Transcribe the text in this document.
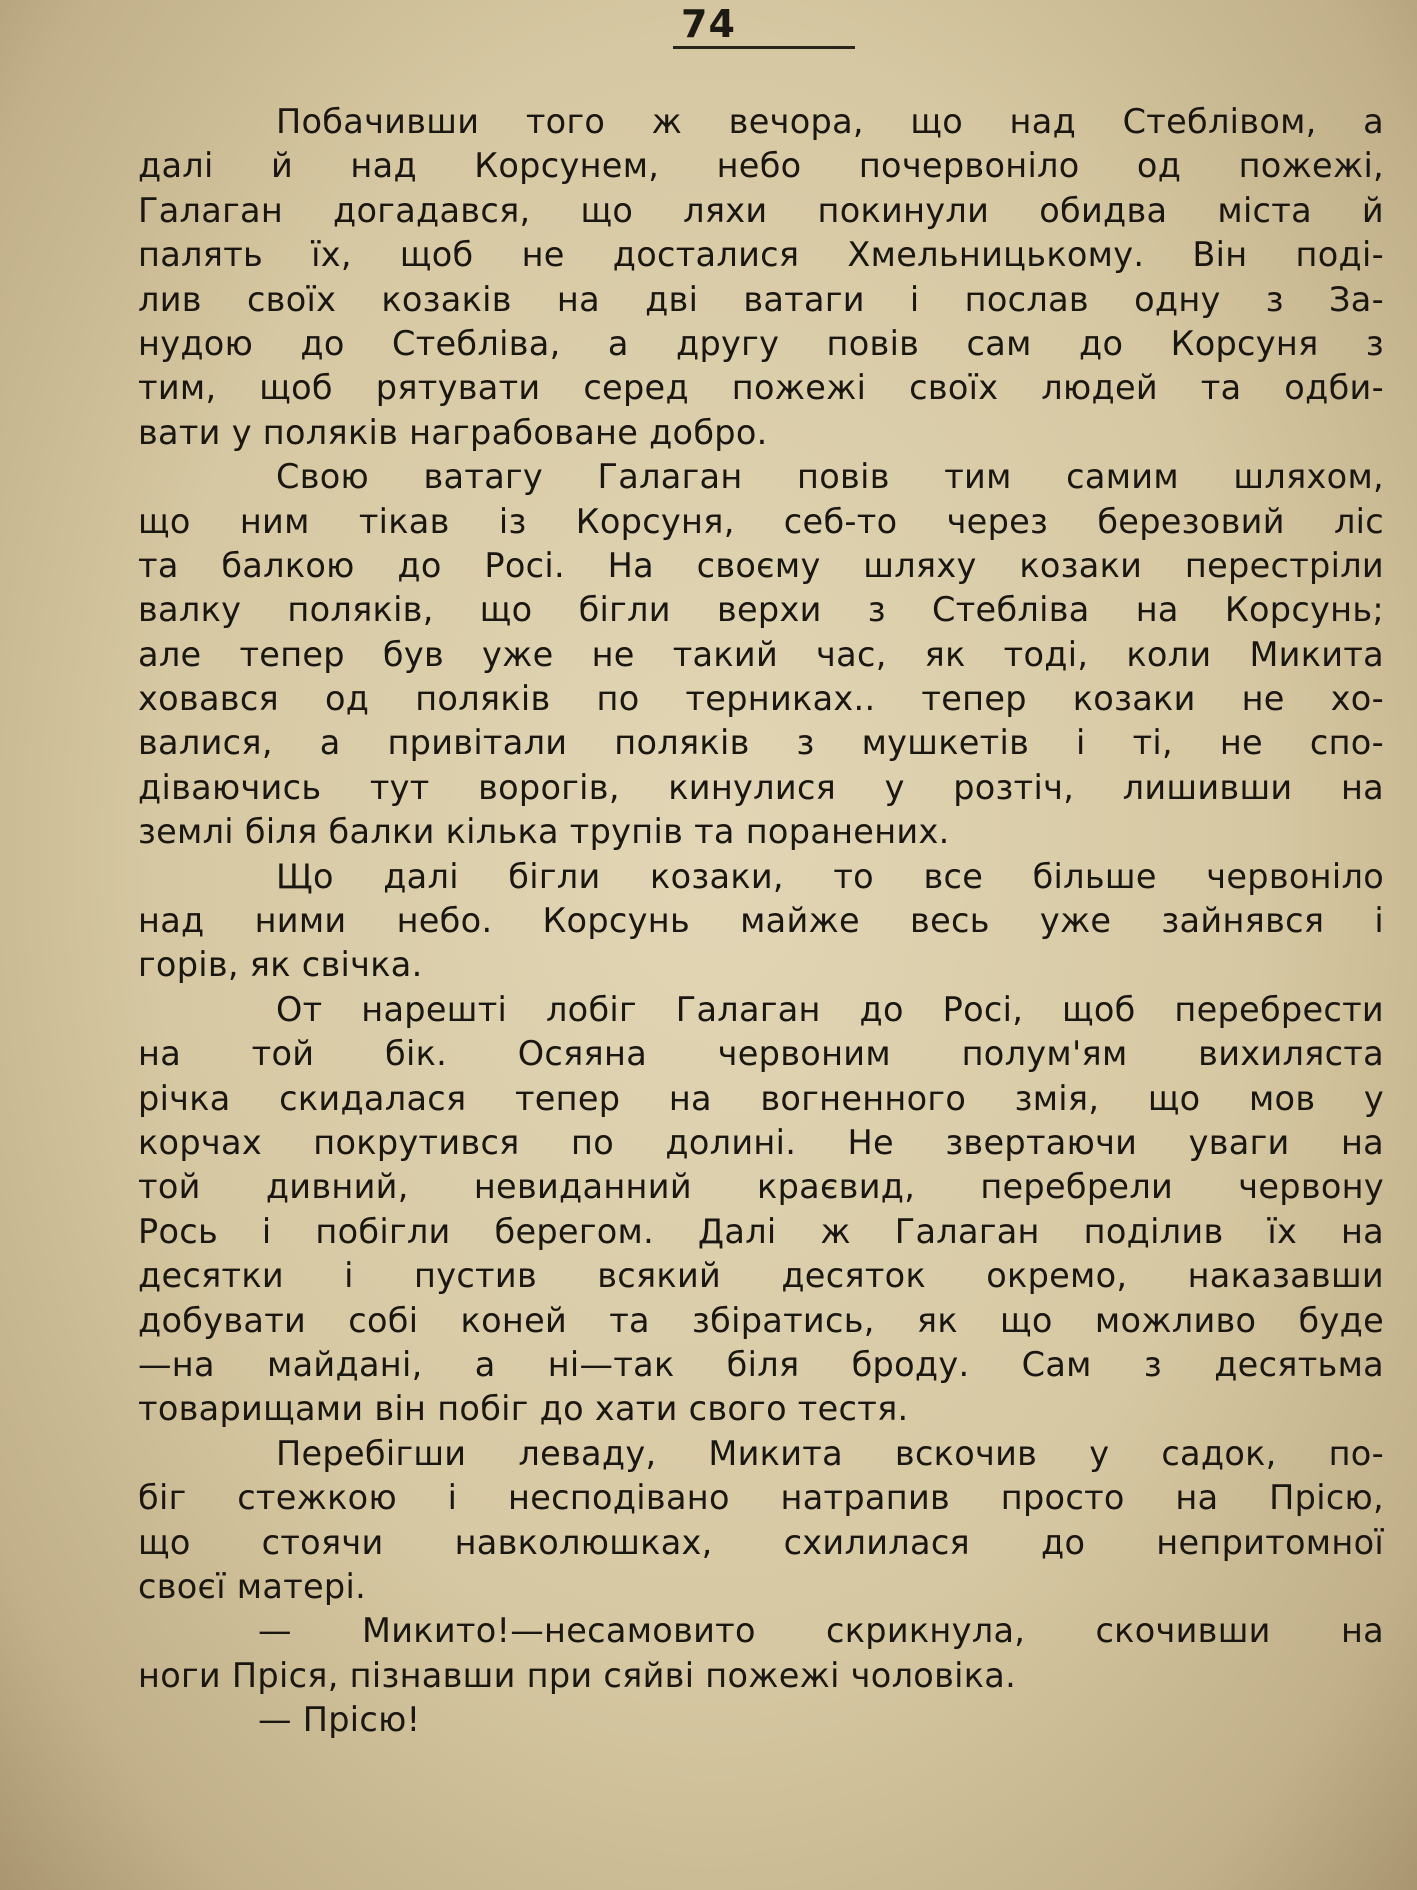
74
Побачивши того ж вечора, що над Стеблівом, а
далі й над Корсунем, небо почервоніло од пожежі,
Галаган догадався, що ляхи покинули обидва міста й
палять їх, щоб не досталися Хмельницькому. Він поді-
лив своїх козаків на дві ватаги і послав одну з За-
нудою до Стебліва, а другу повів сам до Корсуня з
тим, щоб рятувати серед пожежі своїх людей та одби-
вати у поляків награбоване добро.
Свою ватагу Галаган повів тим самим шляхом,
що ним тікав із Корсуня, себ-то через березовий ліс
та балкою до Росі. На своєму шляху козаки перестріли
валку поляків, що бігли верхи з Стебліва на Корсунь;
але тепер був уже не такий час, як тоді, коли Микита
ховався од поляків по терниках.. тепер козаки не хо-
валися, а привітали поляків з мушкетів і ті, не спо-
діваючись тут ворогів, кинулися у розтіч, лишивши на
землі біля балки кілька трупів та поранених.
Що далі бігли козаки, то все більше червоніло
над ними небо. Корсунь майже весь уже зайнявся і
горів, як свічка.
От нарешті лобіг Галаган до Росі, щоб перебрести
на той бік. Осяяна червоним полум'ям вихиляста
річка скидалася тепер на вогненного змія, що мов у
корчах покрутився по долині. Не звертаючи уваги на
той дивний, невиданний краєвид, перебрели червону
Рось і побігли берегом. Далі ж Галаган поділив їх на
десятки і пустив всякий десяток окремо, наказавши
добувати собі коней та збіратись, як що можливо буде
—на майдані, а ні—так біля броду. Сам з десятьма
товарищами він побіг до хати свого тестя.
Перебігши леваду, Микита вскочив у садок, по-
біг стежкою і несподівано натрапив просто на Прісю,
що стоячи навколюшках, схилилася до непритомної
своєї матері.
— Микито!—несамовито скрикнула, скочивши на
ноги Пріся, пізнавши при сяйві пожежі чоловіка.
— Прісю!
